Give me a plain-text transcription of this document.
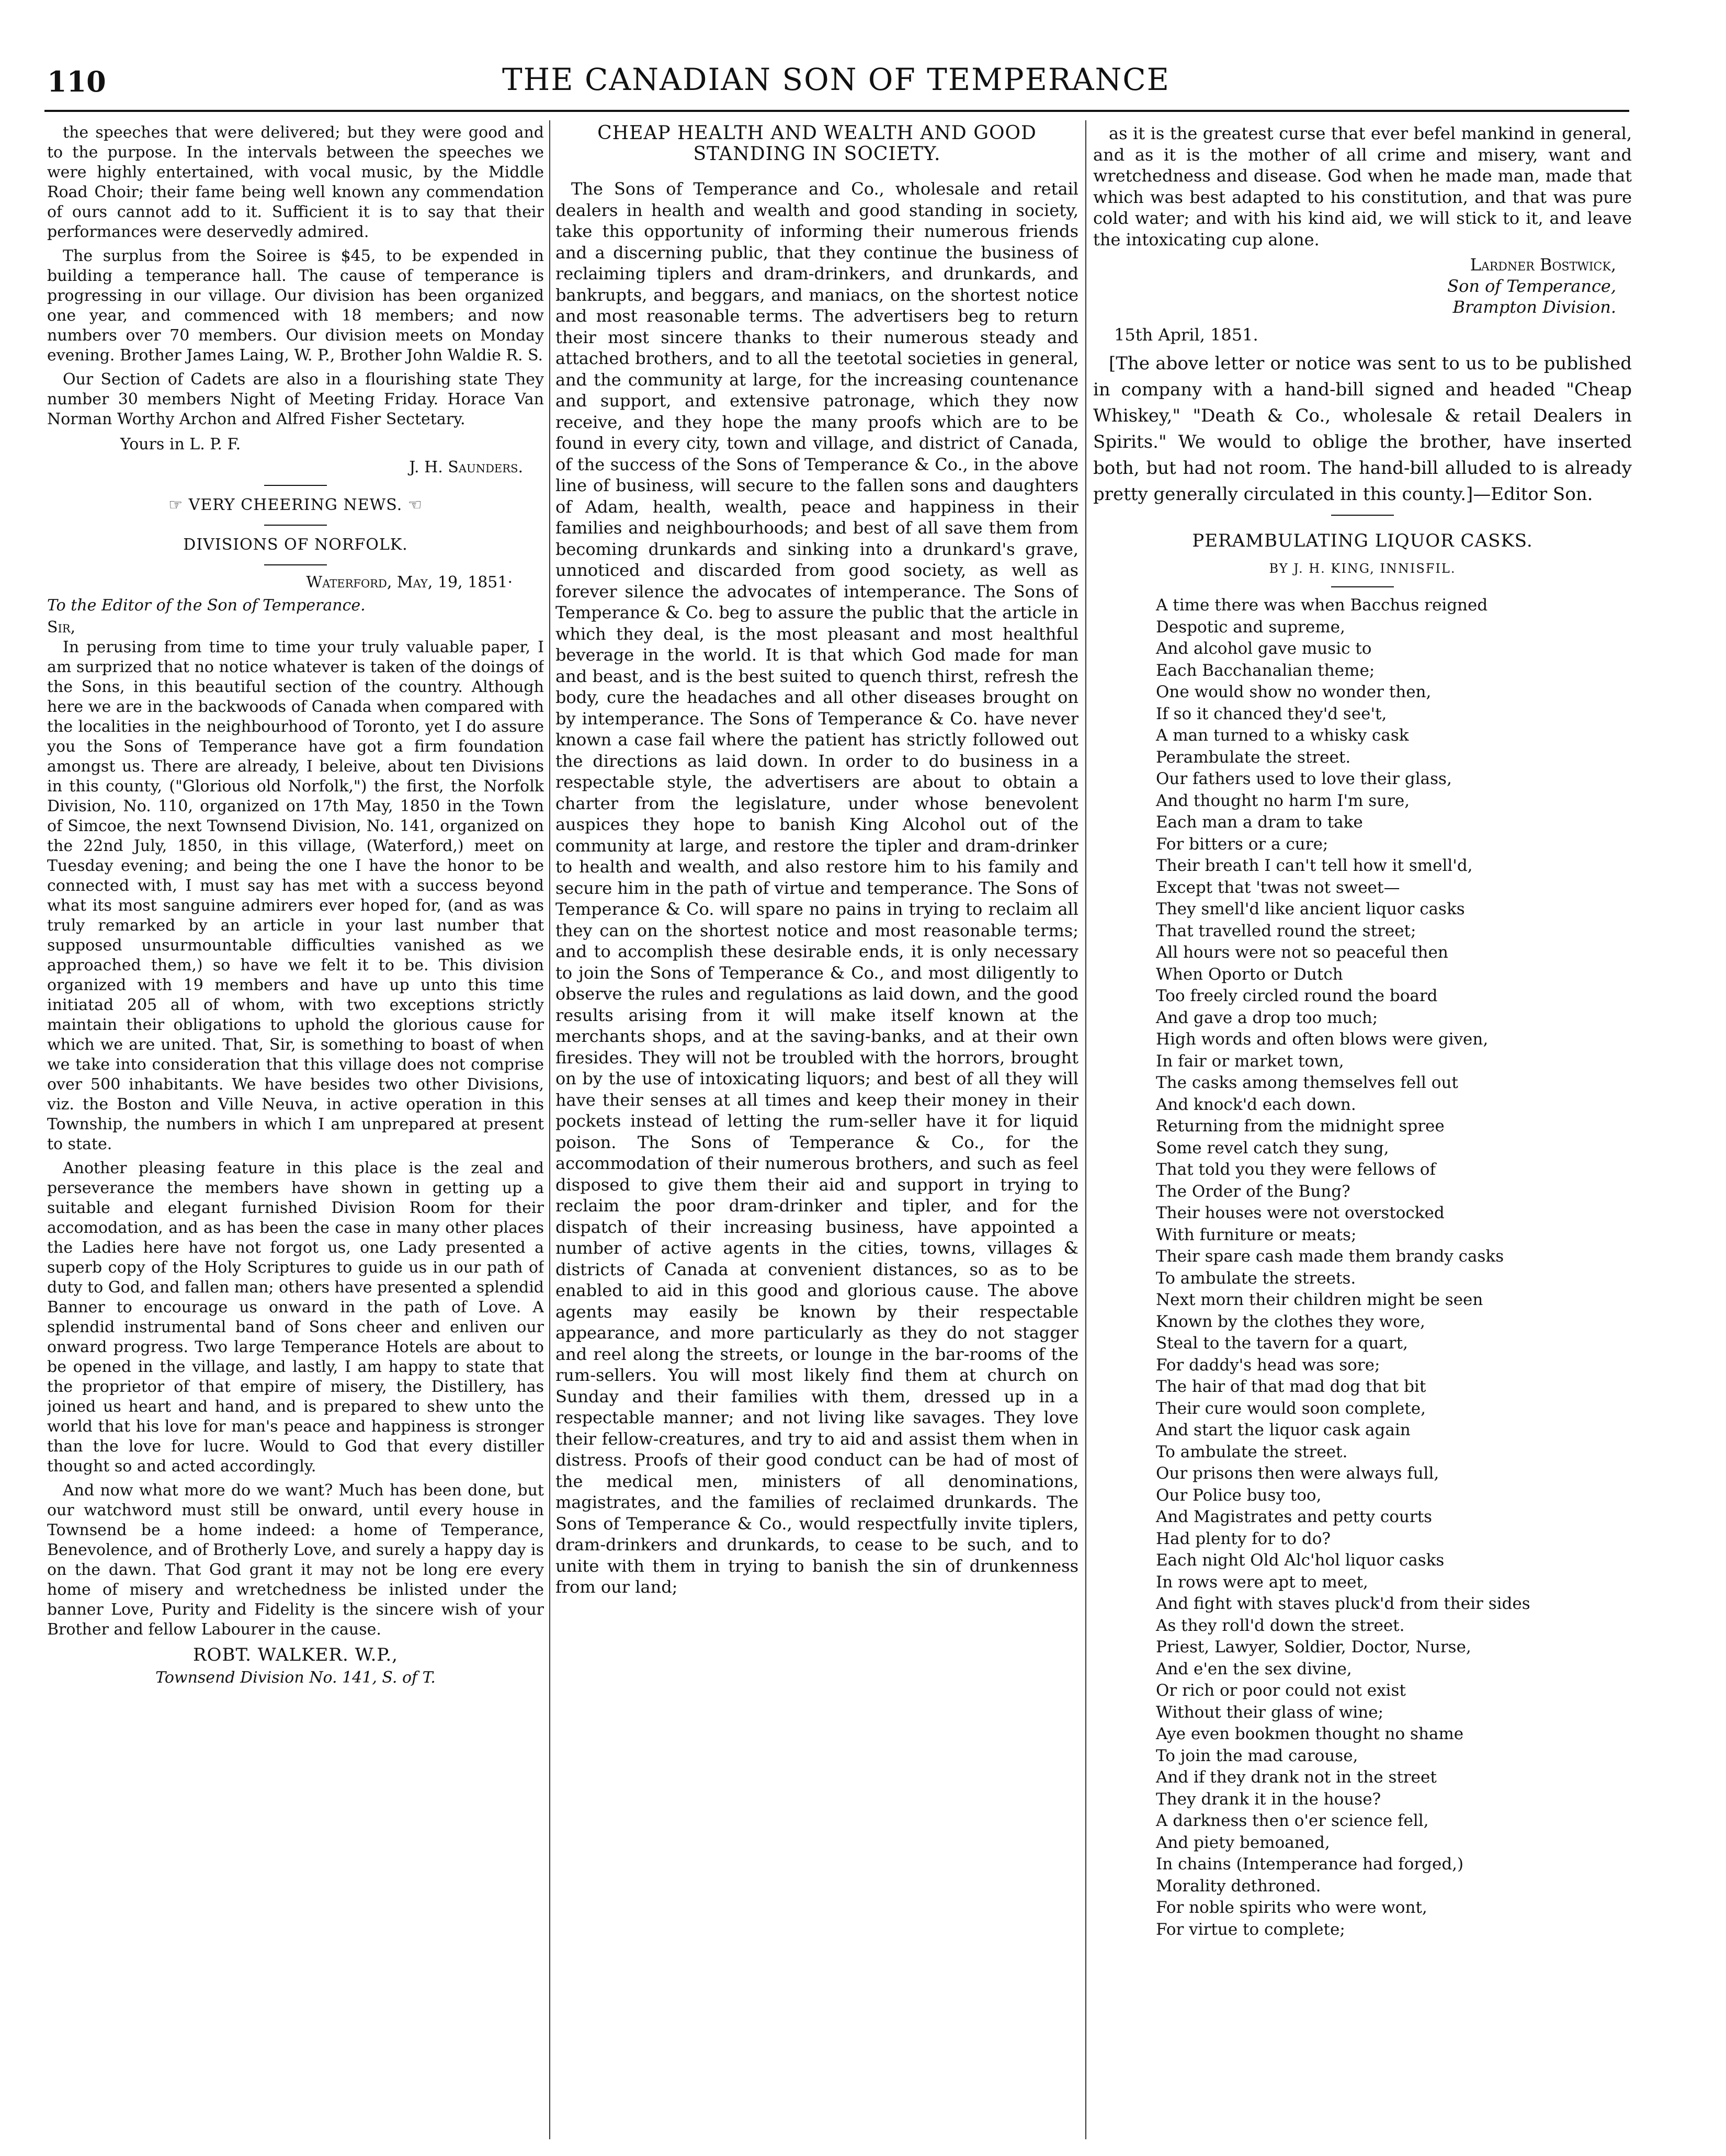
110	THE CANADIAN SON OF TEMPERANCE

the speeches that were delivered; but they were good and to the purpose. In the intervals between the speeches we were highly entertained, with vocal music, by the Middle Road Choir; their fame being well known any commendation of ours cannot add to it. Sufficient it is to say that their performances were deservedly admired.

The surplus from the Soiree is $45, to be expended in building a temperance hall. The cause of temperance is progressing in our village. Our division has been organized one year, and commenced with 18 members; and now numbers over 70 members. Our division meets on Monday evening. Brother James Laing, W. P., Brother John Waldie R. S.

Our Section of Cadets are also in a flourishing state They number 30 members Night of Meeting Friday. Horace Van Norman Worthy Archon and Alfred Fisher Sectetary.

Yours in L. P. F.

J. H. Saunders.
☞ VERY CHEERING NEWS. ☜
DIVISIONS OF NORFOLK.
Waterford, May, 19, 1851·
To the Editor of the Son of Temperance.
Sir,

In perusing from time to time your truly valuable paper, I am surprized that no notice whatever is taken of the doings of the Sons, in this beautiful section of the country. Although here we are in the backwoods of Canada when compared with the localities in the neighbourhood of Toronto, yet I do assure you the Sons of Temperance have got a firm foundation amongst us. There are already, I beleive, about ten Divisions in this county, ("Glorious old Norfolk,") the first, the Norfolk Division, No. 110, organized on 17th May, 1850 in the Town of Simcoe, the next Townsend Division, No. 141, organized on the 22nd July, 1850, in this village, (Waterford,) meet on Tuesday evening; and being the one I have the honor to be connected with, I must say has met with a success beyond what its most sanguine admirers ever hoped for, (and as was truly remarked by an article in your last number that supposed unsurmountable difficulties vanished as we approached them,) so have we felt it to be. This division organized with 19 members and have up unto this time initiatad 205 all of whom, with two exceptions strictly maintain their obligations to uphold the glorious cause for which we are united. That, Sir, is something to boast of when we take into consideration that this village does not comprise over 500 inhabitants. We have besides two other Divisions, viz. the Boston and Ville Neuva, in active operation in this Township, the numbers in which I am unprepared at present to state.

Another pleasing feature in this place is the zeal and perseverance the members have shown in getting up a suitable and elegant furnished Division Room for their accomodation, and as has been the case in many other places the Ladies here have not forgot us, one Lady presented a superb copy of the Holy Scriptures to guide us in our path of duty to God, and fallen man; others have presented a splendid Banner to encourage us onward in the path of Love. A splendid instrumental band of Sons cheer and enliven our onward progress. Two large Temperance Hotels are about to be opened in the village, and lastly, I am happy to state that the proprietor of that empire of misery, the Distillery, has joined us heart and hand, and is prepared to shew unto the world that his love for man's peace and happiness is stronger than the love for lucre. Would to God that every distiller thought so and acted accordingly.

And now what more do we want? Much has been done, but our watchword must still be onward, until every house in Townsend be a home indeed: a home of Temperance, Benevolence, and of Brotherly Love, and surely a happy day is on the dawn. That God grant it may not be long ere every home of misery and wretchedness be inlisted under the banner Love, Purity and Fidelity is the sincere wish of your Brother and fellow Labourer in the cause.

ROBT. WALKER. W.P.,
Townsend Division No. 141, S. of T.
CHEAP HEALTH AND WEALTH AND GOOD STANDING IN SOCIETY.

The Sons of Temperance and Co., wholesale and retail dealers in health and wealth and good standing in society, take this opportunity of informing their numerous friends and a discerning public, that they continue the business of reclaiming tiplers and dram-drinkers, and drunkards, and bankrupts, and beggars, and maniacs, on the shortest notice and most reasonable terms. The advertisers beg to return their most sincere thanks to their numerous steady and attached brothers, and to all the teetotal societies in general, and the community at large, for the increasing countenance and support, and extensive patronage, which they now receive, and they hope the many proofs which are to be found in every city, town and village, and district of Canada, of the success of the Sons of Temperance & Co., in the above line of business, will secure to the fallen sons and daughters of Adam, health, wealth, peace and happiness in their families and neighbourhoods; and best of all save them from becoming drunkards and sinking into a drunkard's grave, unnoticed and discarded from good society, as well as forever silence the advocates of intemperance. The Sons of Temperance & Co. beg to assure the public that the article in which they deal, is the most pleasant and most healthful beverage in the world. It is that which God made for man and beast, and is the best suited to quench thirst, refresh the body, cure the headaches and all other diseases brought on by intemperance. The Sons of Temperance & Co. have never known a case fail where the patient has strictly followed out the directions as laid down. In order to do business in a respectable style, the advertisers are about to obtain a charter from the legislature, under whose benevolent auspices they hope to banish King Alcohol out of the community at large, and restore the tipler and dram-drinker to health and wealth, and also restore him to his family and secure him in the path of virtue and temperance. The Sons of Temperance & Co. will spare no pains in trying to reclaim all they can on the shortest notice and most reasonable terms; and to accomplish these desirable ends, it is only necessary to join the Sons of Temperance & Co., and most diligently to observe the rules and regulations as laid down, and the good results arising from it will make itself known at the merchants shops, and at the saving-banks, and at their own firesides. They will not be troubled with the horrors, brought on by the use of intoxicating liquors; and best of all they will have their senses at all times and keep their money in their pockets instead of letting the rum-seller have it for liquid poison. The Sons of Temperance & Co., for the accommodation of their numerous brothers, and such as feel disposed to give them their aid and support in trying to reclaim the poor dram-drinker and tipler, and for the dispatch of their increasing business, have appointed a number of active agents in the cities, towns, villages & districts of Canada at convenient distances, so as to be enabled to aid in this good and glorious cause. The above agents may easily be known by their respectable appearance, and more particularly as they do not stagger and reel along the streets, or lounge in the bar-rooms of the rum-sellers. You will most likely find them at church on Sunday and their families with them, dressed up in a respectable manner; and not living like savages. They love their fellow-creatures, and try to aid and assist them when in distress. Proofs of their good conduct can be had of most of the medical men, ministers of all denominations, magistrates, and the families of reclaimed drunkards. The Sons of Temperance & Co., would respectfully invite tiplers, dram-drinkers and drunkards, to cease to be such, and to unite with them in trying to banish the sin of drunkenness from our land;

as it is the greatest curse that ever befel mankind in general, and as it is the mother of all crime and misery, want and wretchedness and disease. God when he made man, made that which was best adapted to his constitution, and that was pure cold water; and with his kind aid, we will stick to it, and leave the intoxicating cup alone.

Lardner Bostwick,
Son of Temperance,
Brampton Division.
15th April, 1851.

[The above letter or notice was sent to us to be published in company with a hand-bill signed and headed "Cheap Whiskey," "Death & Co., wholesale & retail Dealers in Spirits." We would to oblige the brother, have inserted both, but had not room. The hand-bill alluded to is already pretty generally circulated in this county.]—Editor Son.

PERAMBULATING LIQUOR CASKS.
BY J. H. KING, INNISFIL.
A time there was when Bacchus reigned
Despotic and supreme,
And alcohol gave music to
Each Bacchanalian theme;
One would show no wonder then,
If so it chanced they'd see't,
A man turned to a whisky cask
Perambulate the street.
Our fathers used to love their glass,
And thought no harm I'm sure,
Each man a dram to take
For bitters or a cure;
Their breath I can't tell how it smell'd,
Except that 'twas not sweet—
They smell'd like ancient liquor casks
That travelled round the street;
All hours were not so peaceful then
When Oporto or Dutch
Too freely circled round the board
And gave a drop too much;
High words and often blows were given,
In fair or market town,
The casks among themselves fell out
And knock'd each down.
Returning from the midnight spree
Some revel catch they sung,
That told you they were fellows of
The Order of the Bung?
Their houses were not overstocked
With furniture or meats;
Their spare cash made them brandy casks
To ambulate the streets.
Next morn their children might be seen
Known by the clothes they wore,
Steal to the tavern for a quart,
For daddy's head was sore;
The hair of that mad dog that bit
Their cure would soon complete,
And start the liquor cask again
To ambulate the street.
Our prisons then were always full,
Our Police busy too,
And Magistrates and petty courts
Had plenty for to do?
Each night Old Alc'hol liquor casks
In rows were apt to meet,
And fight with staves pluck'd from their sides
As they roll'd down the street.
Priest, Lawyer, Soldier, Doctor, Nurse,
And e'en the sex divine,
Or rich or poor could not exist
Without their glass of wine;
Aye even bookmen thought no shame
To join the mad carouse,
And if they drank not in the street
They drank it in the house?
A darkness then o'er science fell,
And piety bemoaned,
In chains (Intemperance had forged,)
Morality dethroned.
For noble spirits who were wont,
For virtue to complete;
